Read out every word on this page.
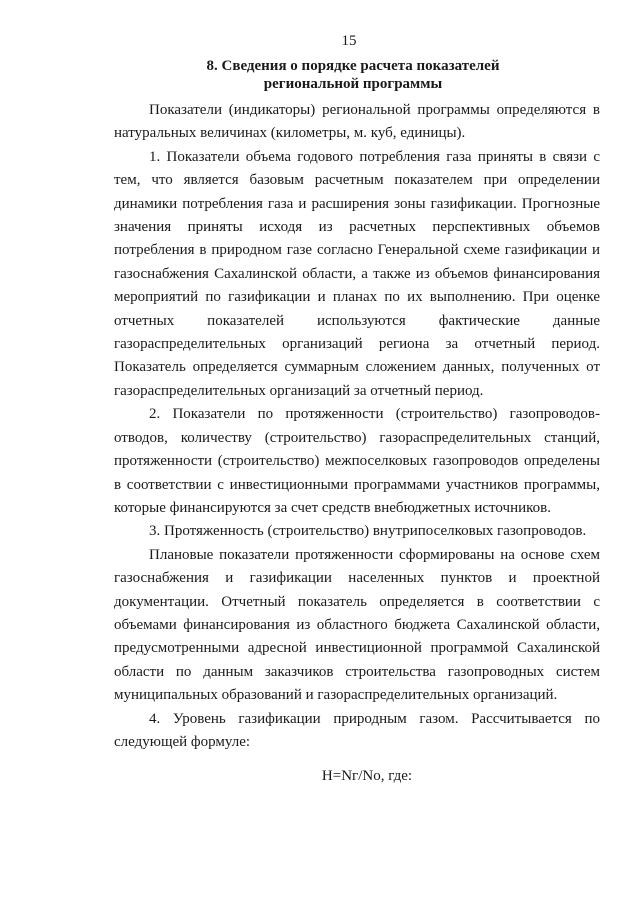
15
8. Сведения о порядке расчета показателей
региональной программы

Показатели (индикаторы) региональной программы определяются в натуральных величинах (километры, м. куб, единицы).

1. Показатели объема годового потребления газа приняты в связи с тем, что является базовым расчетным показателем при определении динамики потребления газа и расширения зоны газификации. Прогнозные значения приняты исходя из расчетных перспективных объемов потребления в природном газе согласно Генеральной схеме газификации и газоснабжения Сахалинской области, а также из объемов финансирования мероприятий по газификации и планах по их выполнению. При оценке отчетных показателей используются фактические данные газораспределительных организаций региона за отчетный период. Показатель определяется суммарным сложением данных, полученных от газораспределительных организаций за отчетный период.

2. Показатели по протяженности (строительство) газопроводов-отводов, количеству (строительство) газораспределительных станций, протяженности (строительство) межпоселковых газопроводов определены в соответствии с инвестиционными программами участников программы, которые финансируются за счет средств внебюджетных источников.

3. Протяженность (строительство) внутрипоселковых газопроводов.

Плановые показатели протяженности сформированы на основе схем газоснабжения и газификации населенных пунктов и проектной документации. Отчетный показатель определяется в соответствии с объемами финансирования из областного бюджета Сахалинской области, предусмотренными адресной инвестиционной программой Сахалинской области по данным заказчиков строительства газопроводных систем муниципальных образований и газораспределительных организаций.

4. Уровень газификации природным газом. Рассчитывается по следующей формуле:

Н=Nг/Nо, где:
